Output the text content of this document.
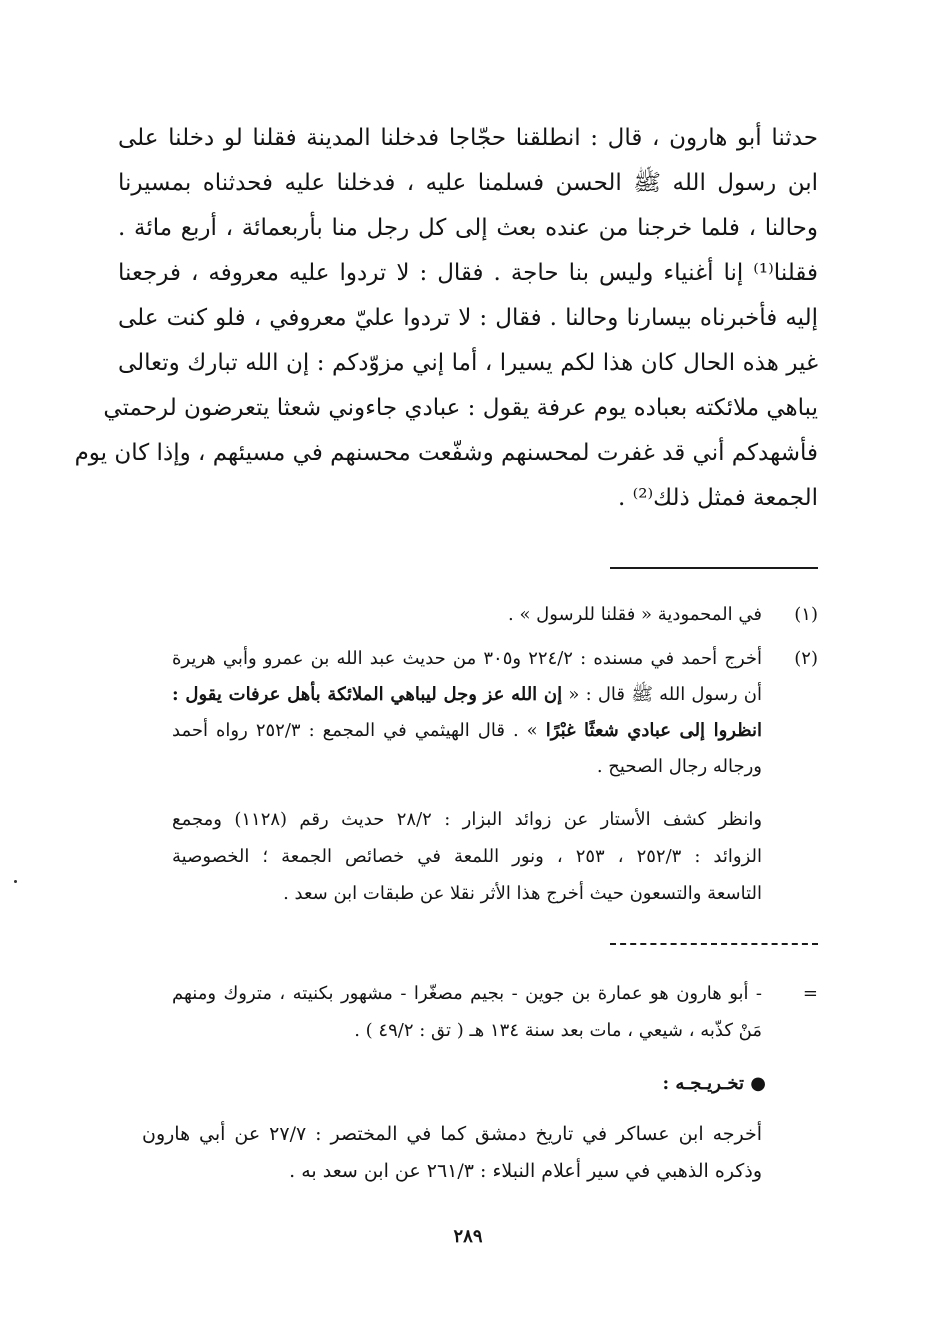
حدثنا أبو هارون ، قال : انطلقنا حجّاجا فدخلنا المدينة فقلنا لو دخلنا على
ابن رسول الله ﷺ الحسن فسلمنا عليه ، فدخلنا عليه فحدثناه بمسيرنا
وحالنا ، فلما خرجنا من عنده بعث إلى كل رجل منا بأربعمائة ، أربع مائة .
فقلنا⁽¹⁾ إنا أغنياء وليس بنا حاجة . فقال : لا تردوا عليه معروفه ، فرجعنا
إليه فأخبرناه بيسارنا وحالنا . فقال : لا تردوا عليّ معروفي ، فلو كنت على
غير هذه الحال كان هذا لكم يسيرا ، أما إني مزوّدكم : إن الله تبارك وتعالى
يباهي ملائكته بعباده يوم عرفة يقول : عبادي جاءوني شعثا يتعرضون لرحمتي
فأشهدكم أني قد غفرت لمحسنهم وشفّعت محسنهم في مسيئهم ، وإذا كان يوم
الجمعة فمثل ذلك⁽²⁾ .
(١)
في المحمودية « فقلنا للرسول » .
(٢)
أخرج أحمد في مسنده : ٢٢٤/٢ و٣٠٥ من حديث عبد الله بن عمرو وأبي هريرة
أن رسول الله ﷺ قال : « إن الله عز وجل ليباهي الملائكة بأهل عرفات يقول :
انظروا إلى عبادي شعثًا غبْرًا » . قال الهيثمي في المجمع : ٢٥٢/٣ رواه أحمد
ورجاله رجال الصحيح .
وانظر كشف الأستار عن زوائد البزار : ٢٨/٢ حديث رقم (١١٢٨) ومجمع
الزوائد : ٢٥٢/٣ ، ٢٥٣ ، ونور اللمعة في خصائص الجمعة ؛ الخصوصية
التاسعة والتسعون حيث أخرج هذا الأثر نقلا عن طبقات ابن سعد .
=
- أبو هارون هو عمارة بن جوين - بجيم مصغّرا - مشهور بكنيته ، متروك ومنهم
مَنْ كذّبه ، شيعي ، مات بعد سنة ١٣٤ هـ ( تق : ٤٩/٢ ) .
● تخـريـجـه :
أخرجه ابن عساكر في تاريخ دمشق كما في المختصر : ٢٧/٧ عن أبي هارون
وذكره الذهبي في سير أعلام النبلاء : ٢٦١/٣ عن ابن سعد به .
٢٨٩
